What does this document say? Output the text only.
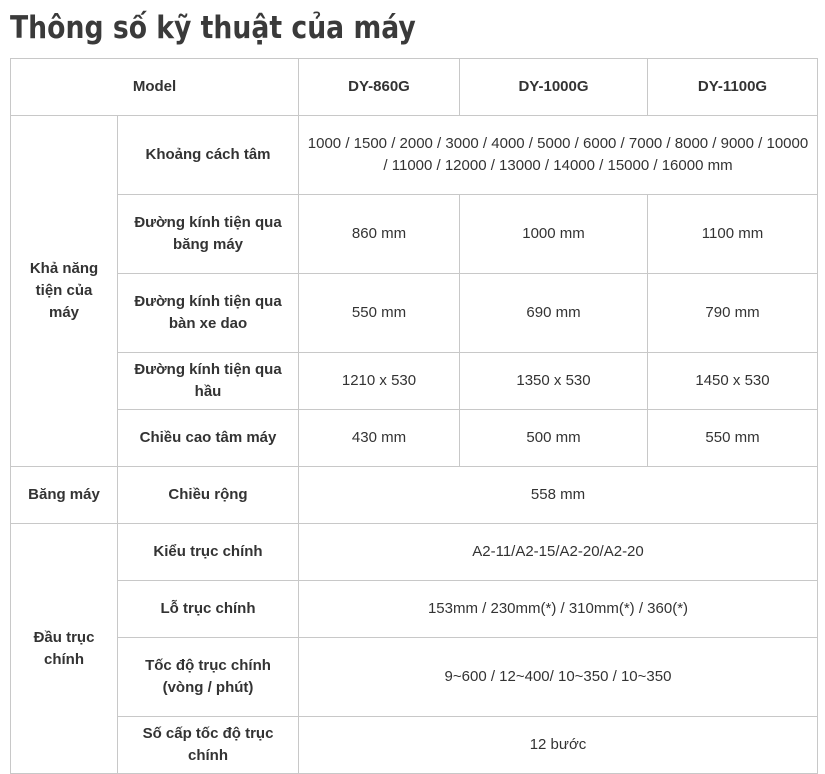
Thông số kỹ thuật của máy
Model		DY-860G	DY-1000G	DY-1100G
Khả năng tiện của máy	Khoảng cách tâm	1000 / 1500 / 2000 / 3000 / 4000 / 5000 / 6000 / 7000 / 8000 / 9000 / 10000 / 11000 / 12000 / 13000 / 14000 / 15000 / 16000 mm		
	Đường kính tiện qua băng máy	860 mm	1000 mm	1100 mm
	Đường kính tiện qua bàn xe dao	550 mm	690 mm	790 mm
	Đường kính tiện qua hầu	1210 x 530	1350 x 530	1450 x 530
	Chiều cao tâm máy	430 mm	500 mm	550 mm
Băng máy	Chiều rộng	558 mm		
Đầu trục chính	Kiểu trục chính	A2-11/A2-15/A2-20/A2-20		
	Lỗ trục chính	153mm / 230mm(*) / 310mm(*) / 360(*)		
	Tốc độ trục chính (vòng / phút)	9~600 / 12~400/ 10~350 / 10~350		
	Số cấp tốc độ trục chính	12 bước		
